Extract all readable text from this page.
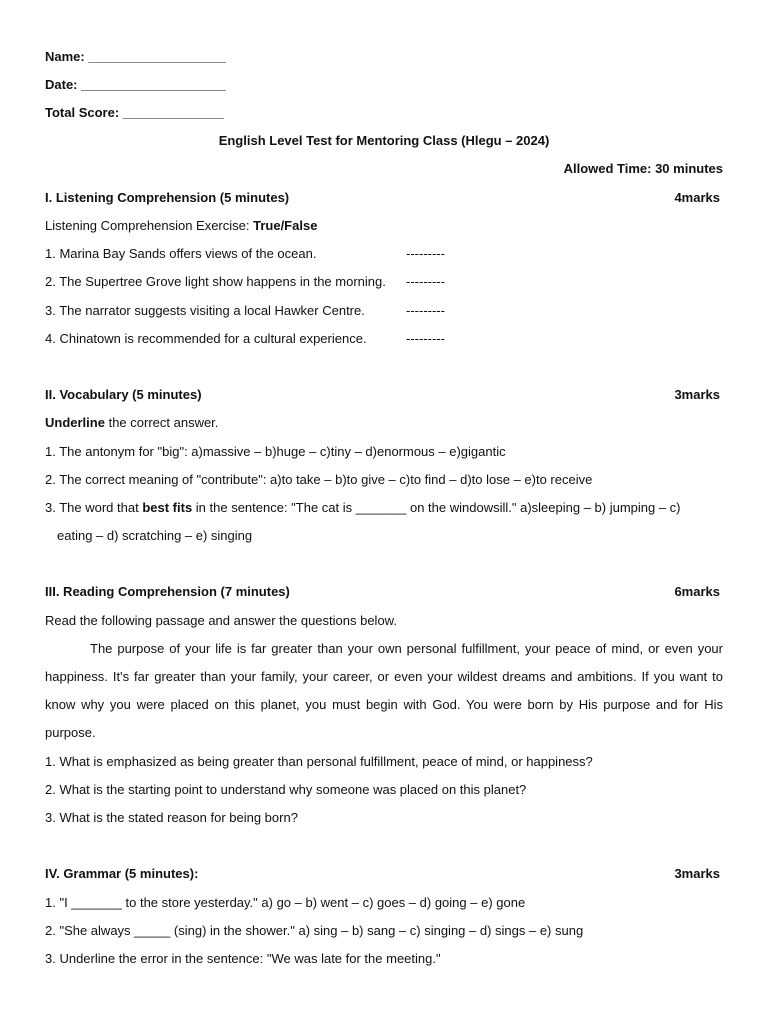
Name: ___________________
Date: ____________________
Total Score: ______________
English Level Test for Mentoring Class (Hlegu – 2024)
Allowed Time: 30 minutes
I. Listening Comprehension (5 minutes)	4marks
Listening Comprehension Exercise: True/False
1. Marina Bay Sands offers views of the ocean.	---------
2. The Supertree Grove light show happens in the morning.	---------
3. The narrator suggests visiting a local Hawker Centre.	---------
4. Chinatown is recommended for a cultural experience.	---------
II. Vocabulary (5 minutes)	3marks
Underline the correct answer.
1. The antonym for "big": a)massive – b)huge – c)tiny – d)enormous – e)gigantic
2. The correct meaning of "contribute": a)to take – b)to give – c)to find – d)to lose – e)to receive
3. The word that best fits in the sentence: "The cat is _______ on the windowsill." a)sleeping – b) jumping – c)
eating – d) scratching – e) singing
III. Reading Comprehension (7 minutes)	6marks
Read the following passage and answer the questions below.
The purpose of your life is far greater than your own personal fulfillment, your peace of mind, or even your
happiness. It's far greater than your family, your career, or even your wildest dreams and ambitions. If you want to
know why you were placed on this planet, you must begin with God. You were born by His purpose and for His
purpose.
1. What is emphasized as being greater than personal fulfillment, peace of mind, or happiness?
2. What is the starting point to understand why someone was placed on this planet?
3. What is the stated reason for being born?
IV. Grammar (5 minutes):	3marks
1. "I _______ to the store yesterday." a) go – b) went – c) goes – d) going – e) gone
2. "She always _____ (sing) in the shower." a) sing – b) sang – c) singing – d) sings – e) sung
3. Underline the error in the sentence: "We was late for the meeting."
